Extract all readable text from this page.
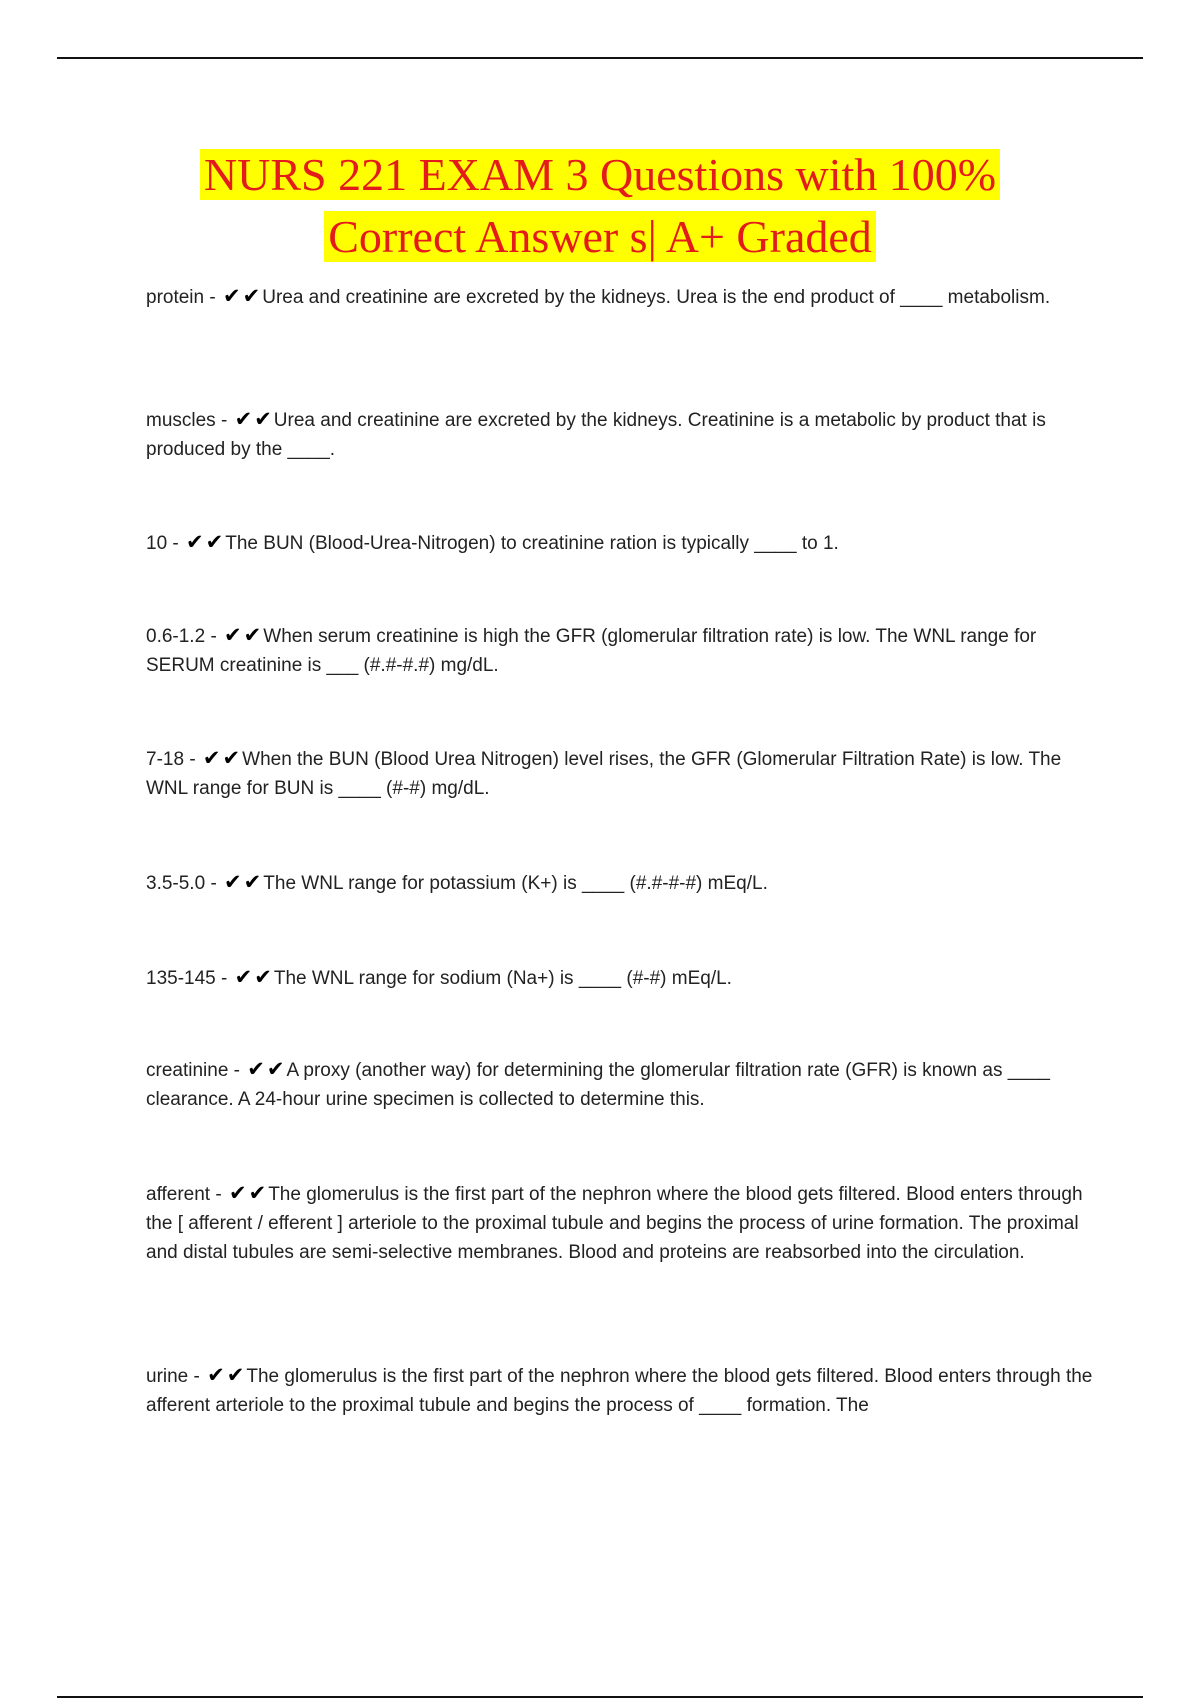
NURS 221 EXAM 3 Questions with 100%
Correct Answer s| A+ Graded
protein - ✔✔ Urea and creatinine are excreted by the kidneys. Urea is the end product of ____ metabolism.
muscles - ✔✔ Urea and creatinine are excreted by the kidneys. Creatinine is a metabolic by product that is produced by the ____.
10 - ✔✔ The BUN (Blood-Urea-Nitrogen) to creatinine ration is typically ____ to 1.
0.6-1.2 - ✔✔ When serum creatinine is high the GFR (glomerular filtration rate) is low. The WNL range for SERUM creatinine is ___ (#.#-#.#) mg/dL.
7-18 - ✔✔ When the BUN (Blood Urea Nitrogen) level rises, the GFR (Glomerular Filtration Rate) is low. The WNL range for BUN is ____ (#-#) mg/dL.
3.5-5.0 - ✔✔ The WNL range for potassium (K+) is ____ (#.#-#-#) mEq/L.
135-145 - ✔✔ The WNL range for sodium (Na+) is ____ (#-#) mEq/L.
creatinine - ✔✔ A proxy (another way) for determining the glomerular filtration rate (GFR) is known as ____ clearance. A 24-hour urine specimen is collected to determine this.
afferent - ✔✔ The glomerulus is the first part of the nephron where the blood gets filtered. Blood enters through the [ afferent / efferent ] arteriole to the proximal tubule and begins the process of urine formation. The proximal and distal tubules are semi-selective membranes. Blood and proteins are reabsorbed into the circulation.
urine - ✔✔ The glomerulus is the first part of the nephron where the blood gets filtered. Blood enters through the afferent arteriole to the proximal tubule and begins the process of ____ formation. The
